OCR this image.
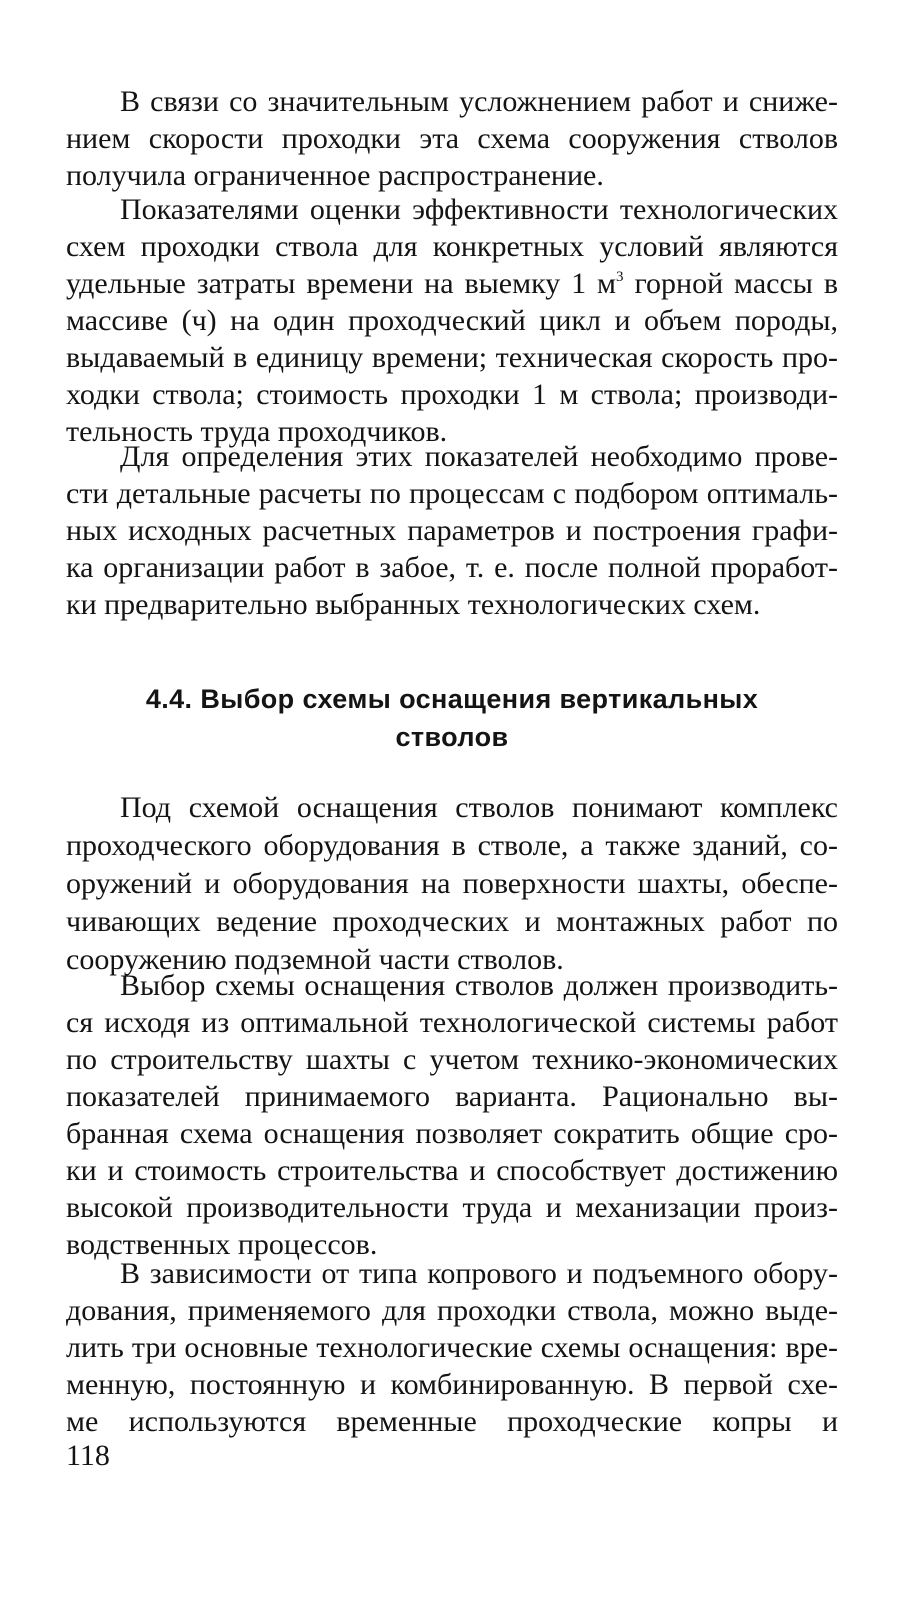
В связи со значительным усложнением работ и сниже-
нием скорости проходки эта схема сооружения стволов
получила ограниченное распространение.
Показателями оценки эффективности технологических
схем проходки ствола для конкретных условий являются
удельные затраты времени на выемку 1 $м^3$ горной массы в
массиве (ч) на один проходческий цикл и объем породы,
выдаваемый в единицу времени; техническая скорость про-
ходки ствола; стоимость проходки 1 м ствола; производи-
тельность труда проходчиков.
Для определения этих показателей необходимо прове-
сти детальные расчеты по процессам с подбором оптималь-
ных исходных расчетных параметров и построения графи-
ка организации работ в забое, т. е. после полной проработ-
ки предварительно выбранных технологических схем.
4.4. Выбор схемы оснащения вертикальных
стволов
Под схемой оснащения стволов понимают комплекс
проходческого оборудования в стволе, а также зданий, со-
оружений и оборудования на поверхности шахты, обеспе-
чивающих ведение проходческих и монтажных работ по
сооружению подземной части стволов.
Выбор схемы оснащения стволов должен производить-
ся исходя из оптимальной технологической системы работ
по строительству шахты с учетом технико-экономических
показателей принимаемого варианта. Рационально вы-
бранная схема оснащения позволяет сократить общие сро-
ки и стоимость строительства и способствует достижению
высокой производительности труда и механизации произ-
водственных процессов.
В зависимости от типа копрового и подъемного обору-
дования, применяемого для проходки ствола, можно выде-
лить три основные технологические схемы оснащения: вре-
менную, постоянную и комбинированную. В первой схе-
ме используются временные проходческие копры и
118
